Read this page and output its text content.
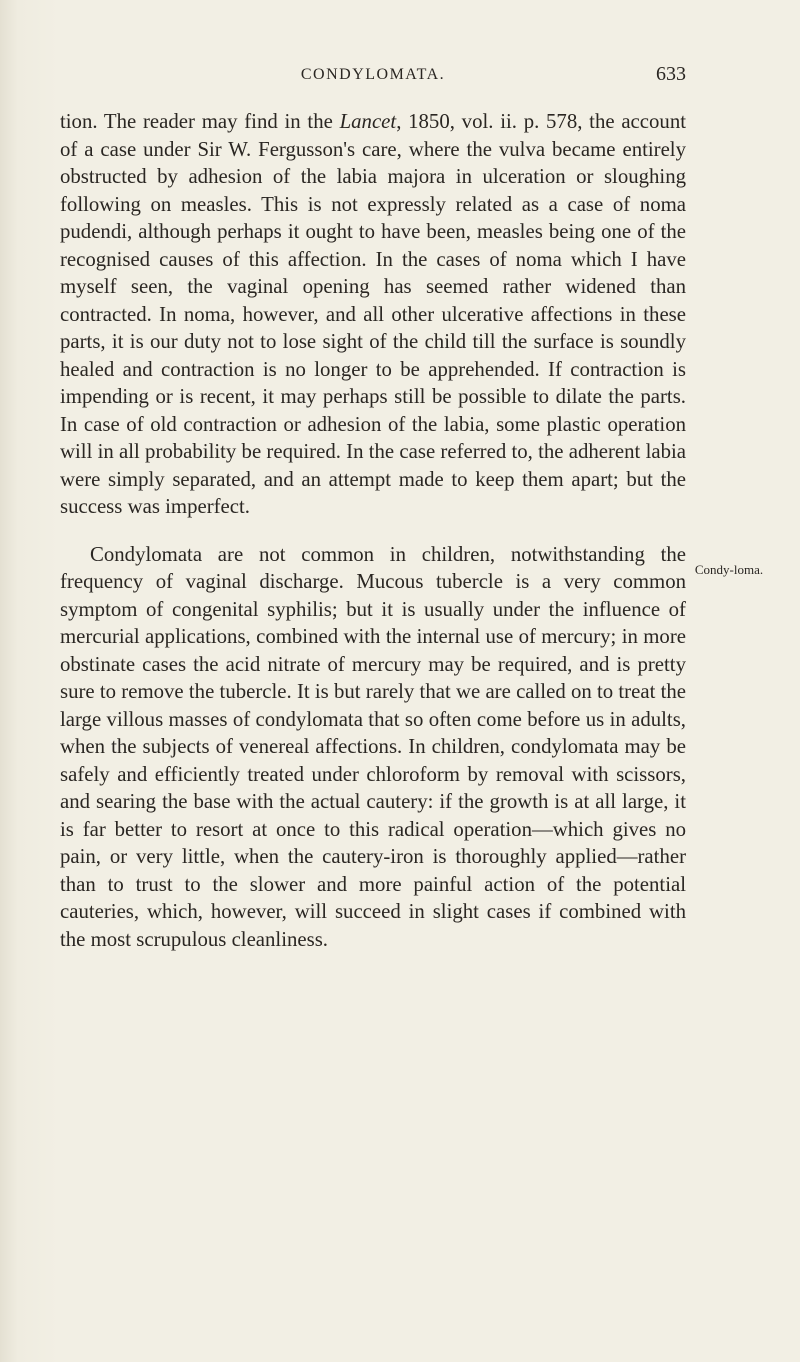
CONDYLOMATA.	633

tion. The reader may find in the Lancet, 1850, vol. ii. p. 578, the account of a case under Sir W. Fergusson's care, where the vulva became entirely obstructed by adhesion of the labia majora in ulceration or sloughing following on measles. This is not expressly related as a case of noma pudendi, although perhaps it ought to have been, measles being one of the recognised causes of this affection. In the cases of noma which I have myself seen, the vaginal opening has seemed rather widened than contracted. In noma, however, and all other ulcerative affections in these parts, it is our duty not to lose sight of the child till the surface is soundly healed and contraction is no longer to be apprehended. If contraction is impending or is recent, it may perhaps still be possible to dilate the parts. In case of old contraction or adhesion of the labia, some plastic operation will in all probability be required. In the case referred to, the adherent labia were simply separated, and an attempt made to keep them apart; but the success was imperfect.

Condylomata are not common in children, notwithstanding the frequency of vaginal discharge. Mucous tubercle is a very common symptom of congenital syphilis; but it is usually under the influence of mercurial applications, combined with the internal use of mercury; in more obstinate cases the acid nitrate of mercury may be required, and is pretty sure to remove the tubercle. It is but rarely that we are called on to treat the large villous masses of condylomata that so often come before us in adults, when the subjects of venereal affections. In children, condylomata may be safely and efficiently treated under chloroform by removal with scissors, and searing the base with the actual cautery: if the growth is at all large, it is far better to resort at once to this radical operation—which gives no pain, or very little, when the cautery-iron is thoroughly applied—rather than to trust to the slower and more painful action of the potential cauteries, which, however, will succeed in slight cases if combined with the most scrupulous cleanliness.

Condy-loma.
